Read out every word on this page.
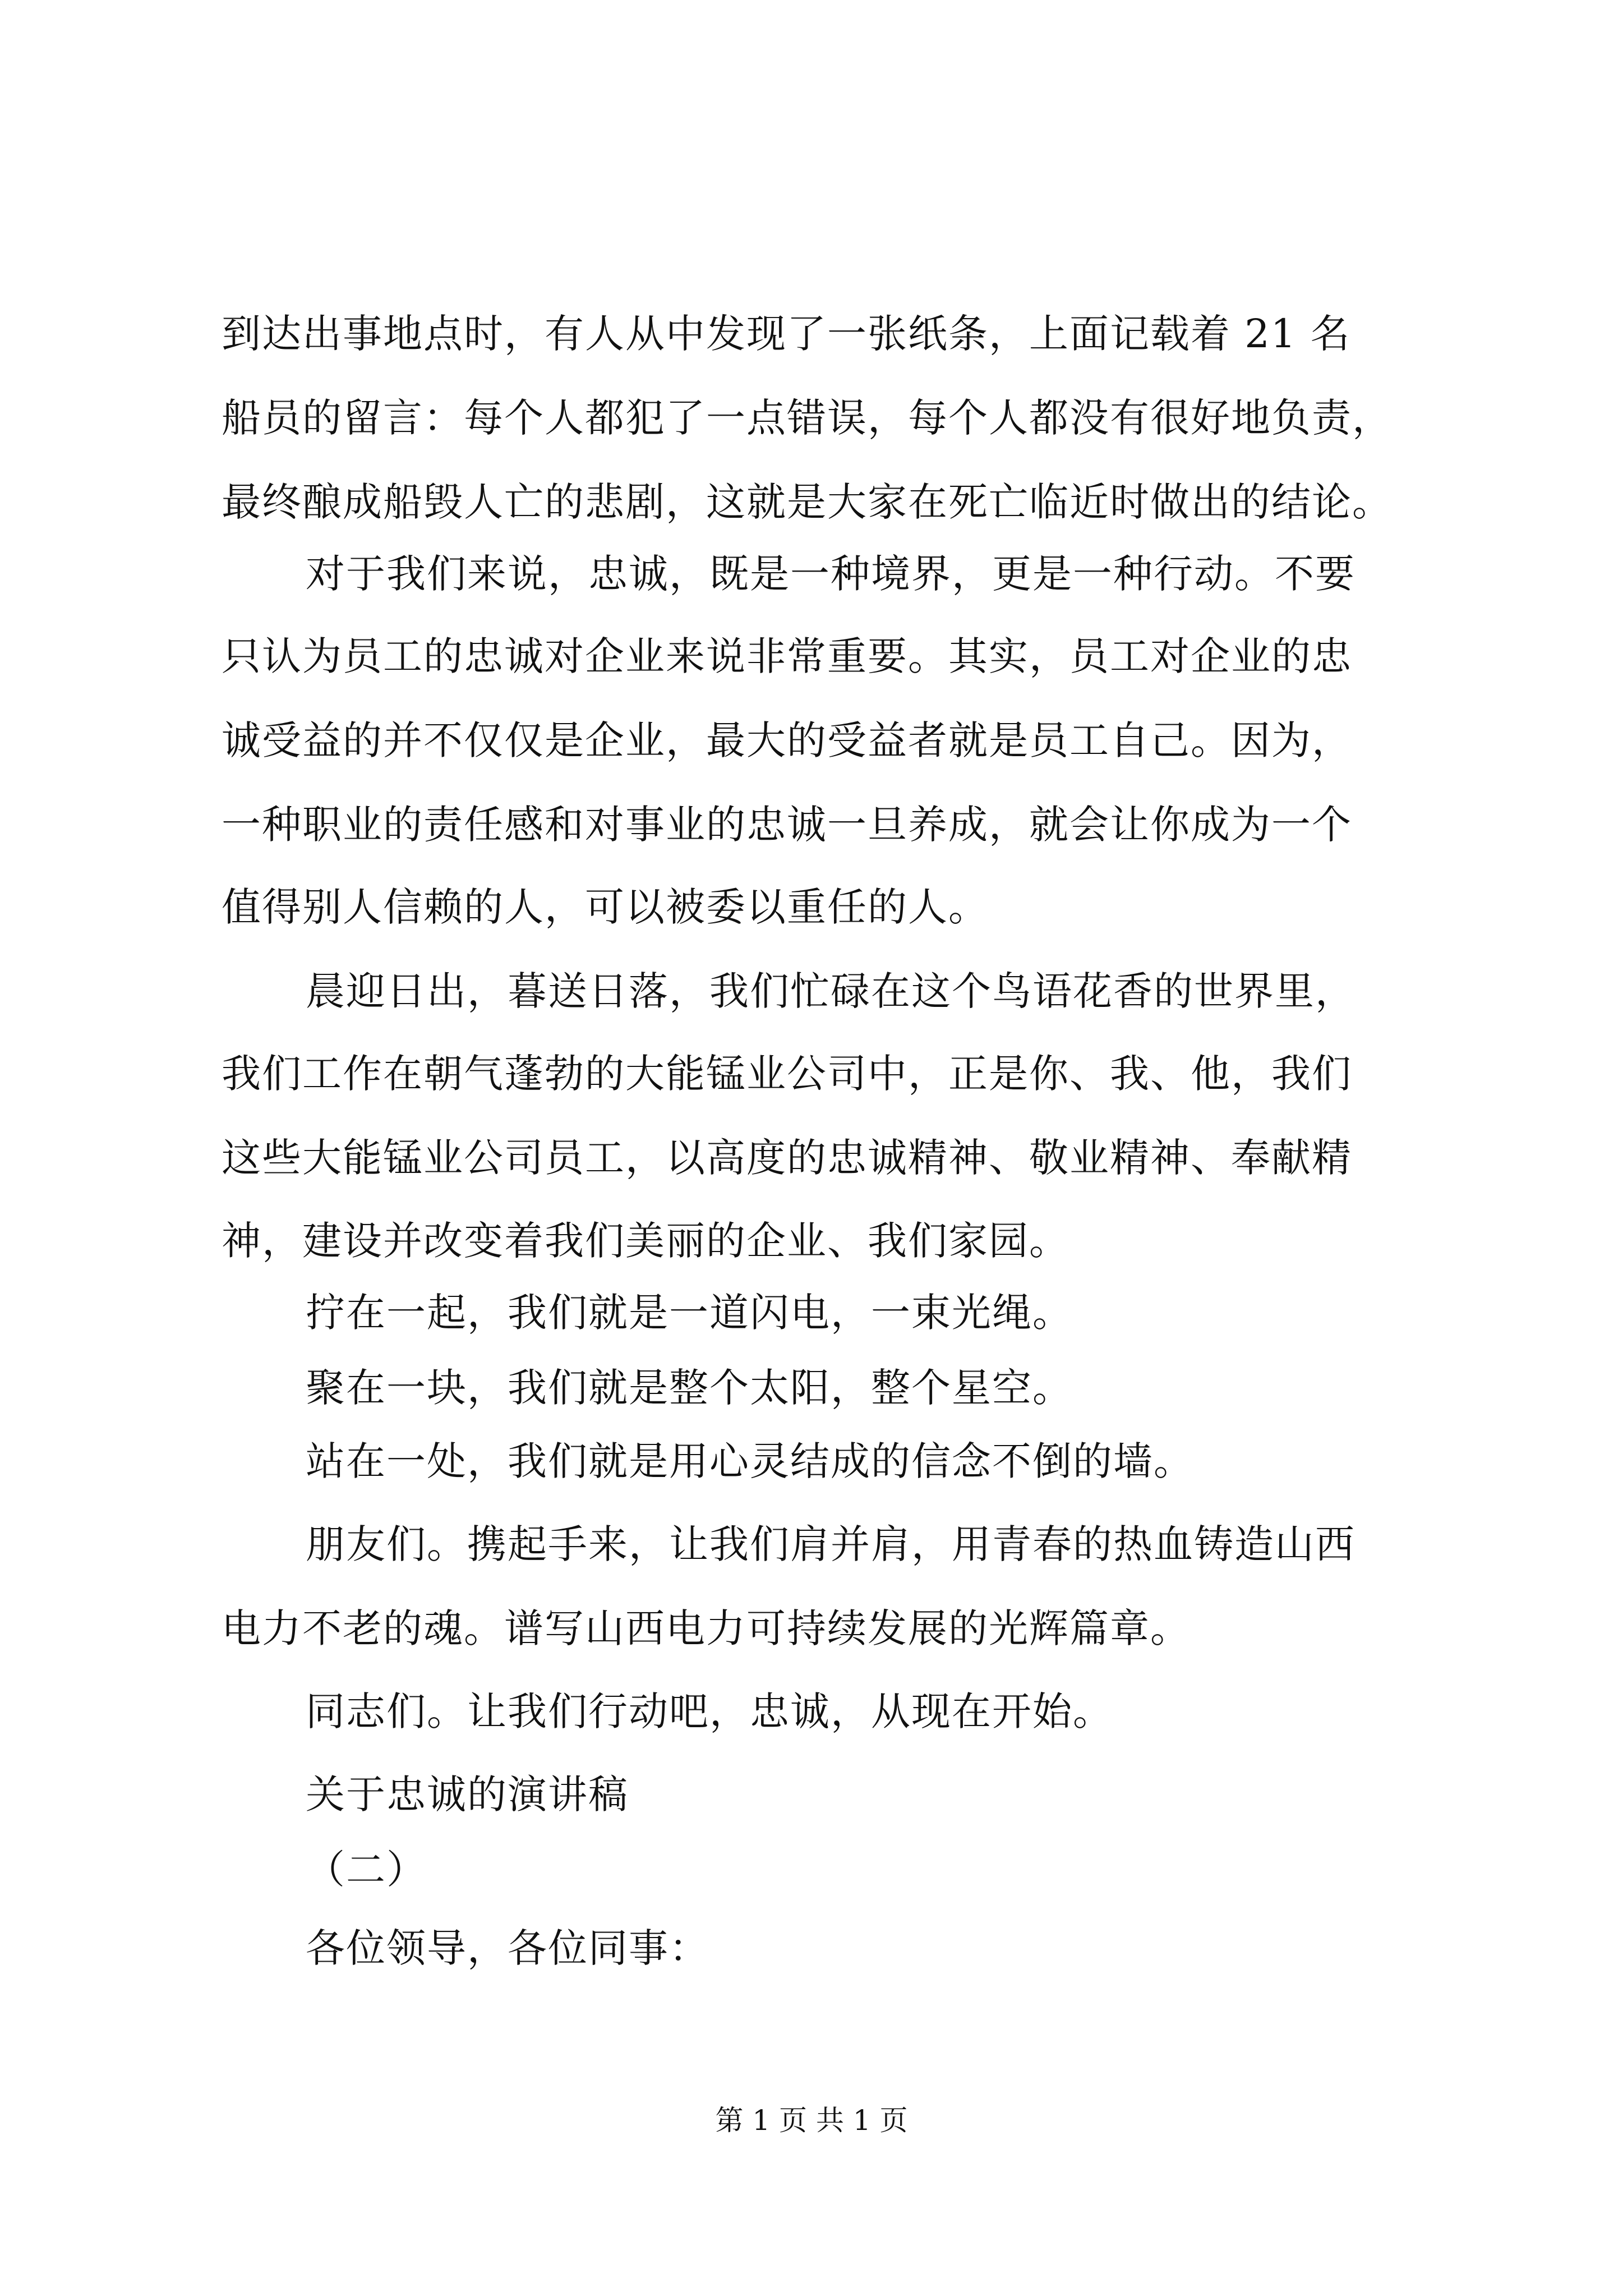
到达出事地点时，有人从中发现了一张纸条，上面记载着 21 名
船员的留言：每个人都犯了一点错误，每个人都没有很好地负责，
最终酿成船毁人亡的悲剧，这就是大家在死亡临近时做出的结论。
对于我们来说，忠诚，既是一种境界，更是一种行动。不要
只认为员工的忠诚对企业来说非常重要。其实，员工对企业的忠
诚受益的并不仅仅是企业，最大的受益者就是员工自己。因为，
一种职业的责任感和对事业的忠诚一旦养成，就会让你成为一个
值得别人信赖的人，可以被委以重任的人。
晨迎日出，暮送日落，我们忙碌在这个鸟语花香的世界里，
我们工作在朝气蓬勃的大能锰业公司中，正是你、我、他，我们
这些大能锰业公司员工，以高度的忠诚精神、敬业精神、奉献精
神，建设并改变着我们美丽的企业、我们家园。
拧在一起，我们就是一道闪电，一束光绳。
聚在一块，我们就是整个太阳，整个星空。
站在一处，我们就是用心灵结成的信念不倒的墙。
朋友们。携起手来，让我们肩并肩，用青春的热血铸造山西
电力不老的魂。谱写山西电力可持续发展的光辉篇章。
同志们。让我们行动吧，忠诚，从现在开始。
关于忠诚的演讲稿
（二）
各位领导，各位同事：
第 1 页 共 1 页
